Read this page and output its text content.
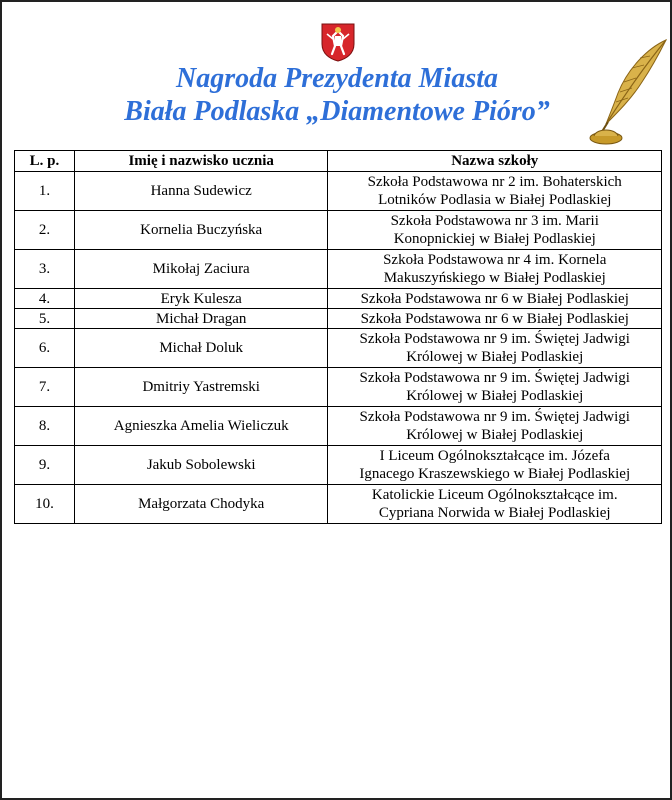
Nagroda Prezydenta Miasta
Biała Podlaska „Diamentowe Pióro”
L. p.	Imię i nazwisko ucznia	Nazwa szkoły
1.	Hanna Sudewicz	Szkoła Podstawowa nr 2 im. Bohaterskich
Lotników Podlasia w Białej Podlaskiej

2.	Kornelia Buczyńska	Szkoła Podstawowa nr 3 im. Marii
Konopnickiej w Białej Podlaskiej

3.	Mikołaj Zaciura	Szkoła Podstawowa nr 4 im. Kornela
Makuszyńskiego w Białej Podlaskiej

4.	Eryk Kulesza	Szkoła Podstawowa nr 6 w Białej Podlaskiej

5.	Michał Dragan	Szkoła Podstawowa nr 6 w Białej Podlaskiej

6.	Michał Doluk	Szkoła Podstawowa nr 9 im. Świętej Jadwigi
Królowej w Białej Podlaskiej

7.	Dmitriy Yastremski	Szkoła Podstawowa nr 9 im. Świętej Jadwigi
Królowej w Białej Podlaskiej

8.	Agnieszka Amelia Wieliczuk	Szkoła Podstawowa nr 9 im. Świętej Jadwigi
Królowej w Białej Podlaskiej

9.	Jakub Sobolewski	I Liceum Ogólnokształcące im. Józefa
Ignacego Kraszewskiego w Białej Podlaskiej

10.	Małgorzata Chodyka	Katolickie Liceum Ogólnokształcące im.
Cypriana Norwida w Białej Podlaskiej
